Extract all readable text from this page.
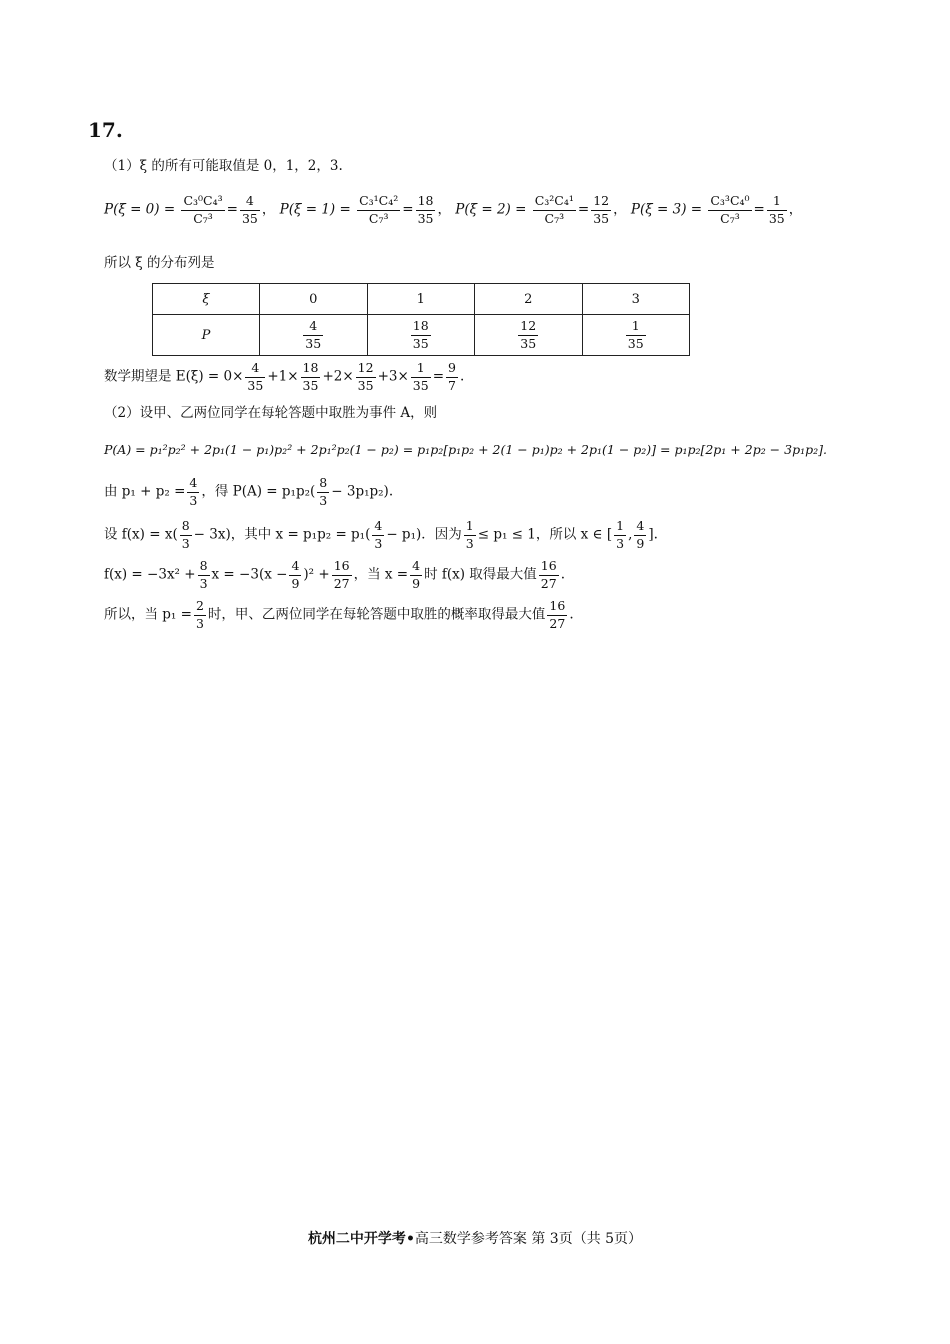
17.
（1）ξ 的所有可能取值是 0，1，2，3.
$P(\xi = 0) = \frac{\text{C₃⁰C₄³}}{\text{C₇³}} = \frac{4}{35}$ ， $P(\xi = 1) = \frac{\text{C₃¹C₄²}}{\text{C₇³}} = \frac{18}{35}$ ， $P(\xi = 2) = \frac{\text{C₃²C₄¹}}{\text{C₇³}} = \frac{12}{35}$ ， $P(\xi = 3) = \frac{\text{C₃³C₄⁰}}{\text{C₇³}} = \frac{1}{35}$ ，
所以 ξ 的分布列是
ξ	0	1	2	3
P	$\frac{4}{35}$	$\frac{18}{35}$	$\frac{12}{35}$	$\frac{1}{35}$
数学期望是 $E(\xi) = 0\times \frac{4}{35} +1\times \frac{18}{35} +2\times \frac{12}{35} +3\times \frac{1}{35} = \frac{9}{7}$ .
（2）设甲、乙两位同学在每轮答题中取胜为事件 A，则
P(A) = p₁²p₂² + 2p₁(1 − p₁)p₂² + 2p₁²p₂(1 − p₂) = p₁p₂[p₁p₂ + 2(1 − p₁)p₂ + 2p₁(1 − p₂)] = p₁p₂[2p₁ + 2p₂ − 3p₁p₂].
由 $p_1 + p_2 = \frac{4}{3}$ ，得 $P(A) = p_1p_2( \frac{8}{3} - 3p_1p_2)$.
设 $f(x) = x( \frac{8}{3} - 3x)$，其中 $x = p_1p_2 = p_1( \frac{4}{3} - p_1)$．因为 $\frac{1}{3} \le p_1 \le 1$，所以 x ∈ [ $\frac{1}{3}$ , $\frac{4}{9}$ ].
$f(x) = -3x^2 + \frac{8}{3}$ $x = -3(x - \frac{4}{9} )^2 + \frac{16}{27}$ ，当 $x = \frac{4}{9}$ 时 f(x) 取得最大值 $\frac{16}{27}$ .
所以，当 $p_1 = \frac{2}{3}$ 时，甲、乙两位同学在每轮答题中取胜的概率取得最大值 $\frac{16}{27}$ .
杭州二中开学考•高三数学参考答案 第 3页（共 5页）
